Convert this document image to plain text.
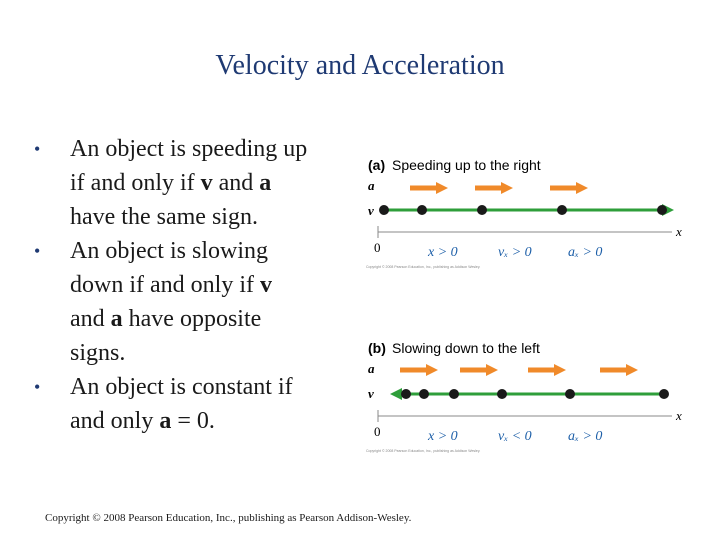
Velocity and Acceleration
• An object is speeding up
if and only if v and a
have the same sign.
• An object is slowing
down if and only if v
and a have opposite
signs.
• An object is constant if
and only a = 0.
(a) Speeding up to the right
a
v
x
0	x > 0	vₓ > 0	aₓ > 0
Copyright © 2008 Pearson Education, Inc., publishing as Addison Wesley.
(b) Slowing down to the left
a
v
x
0	x > 0	vₓ < 0	aₓ > 0
Copyright © 2008 Pearson Education, Inc., publishing as Addison Wesley.
Copyright © 2008 Pearson Education, Inc., publishing as Pearson Addison-Wesley.
